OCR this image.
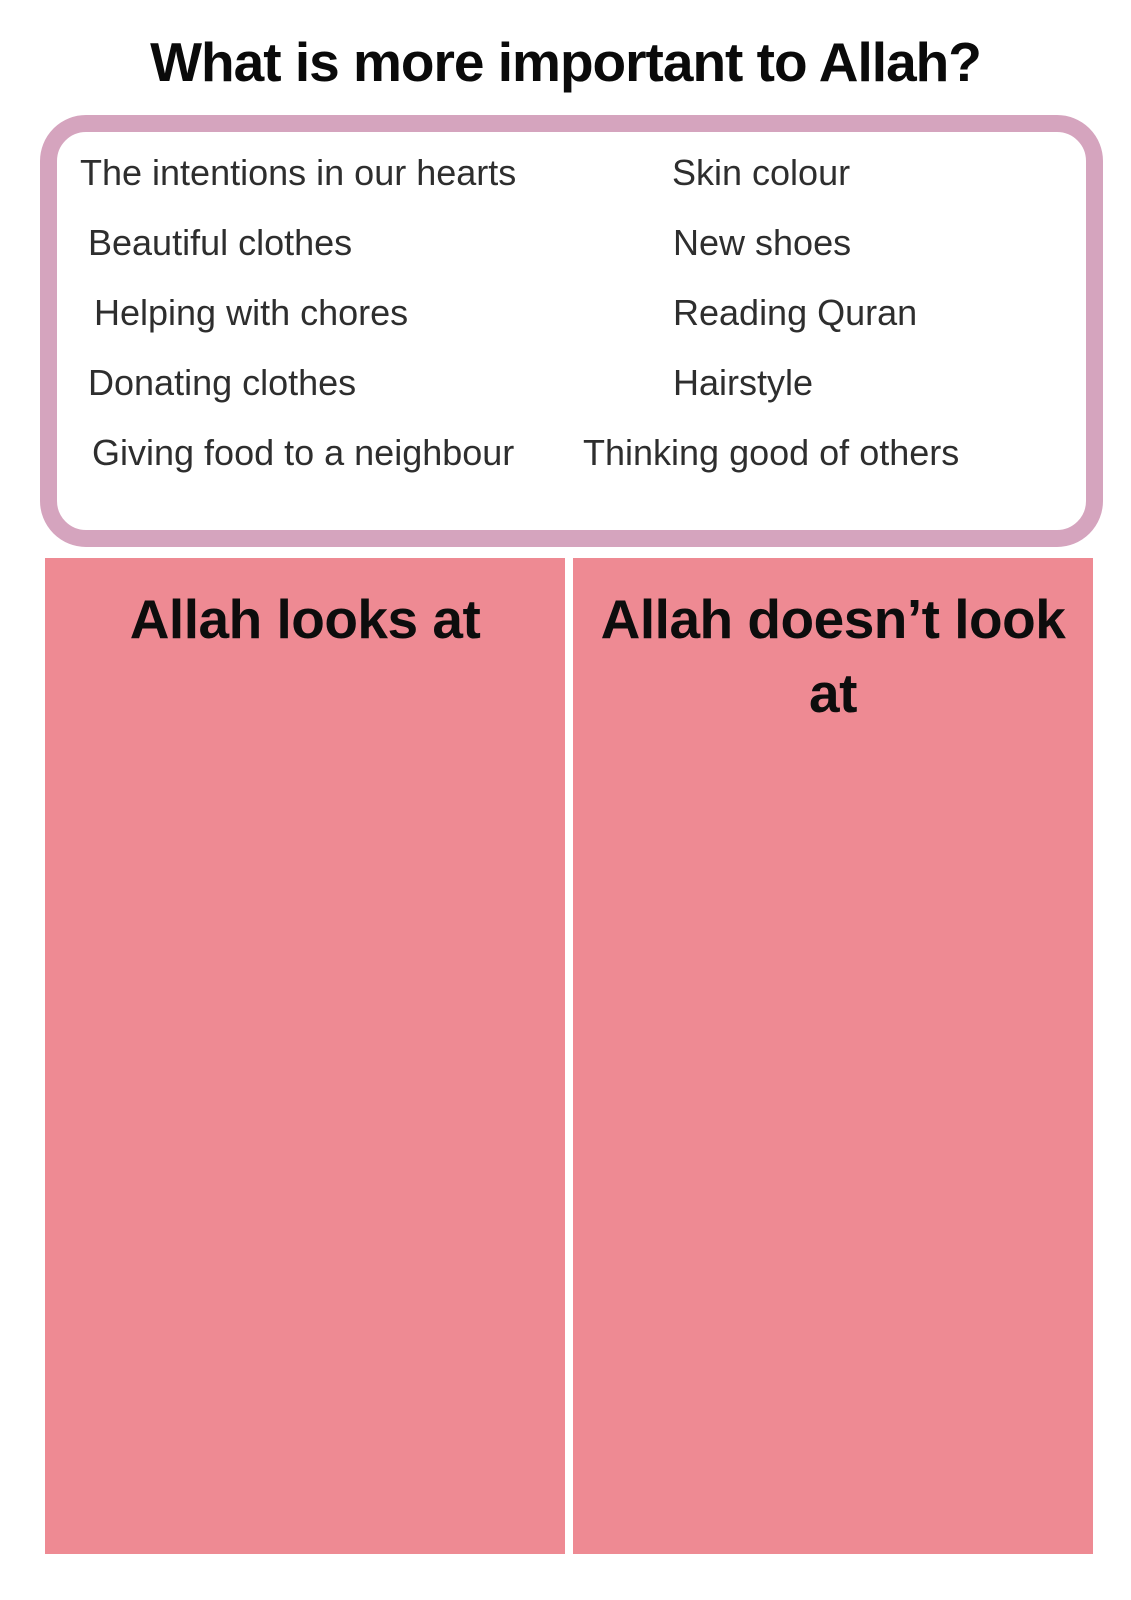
What is more important to Allah?
The intentions in our hearts	Skin colour
Beautiful clothes	New shoes
Helping with chores	Reading Quran
Donating clothes	Hairstyle
Giving food to a neighbour	Thinking good of others
Allah looks at	Allah doesn’t look at
